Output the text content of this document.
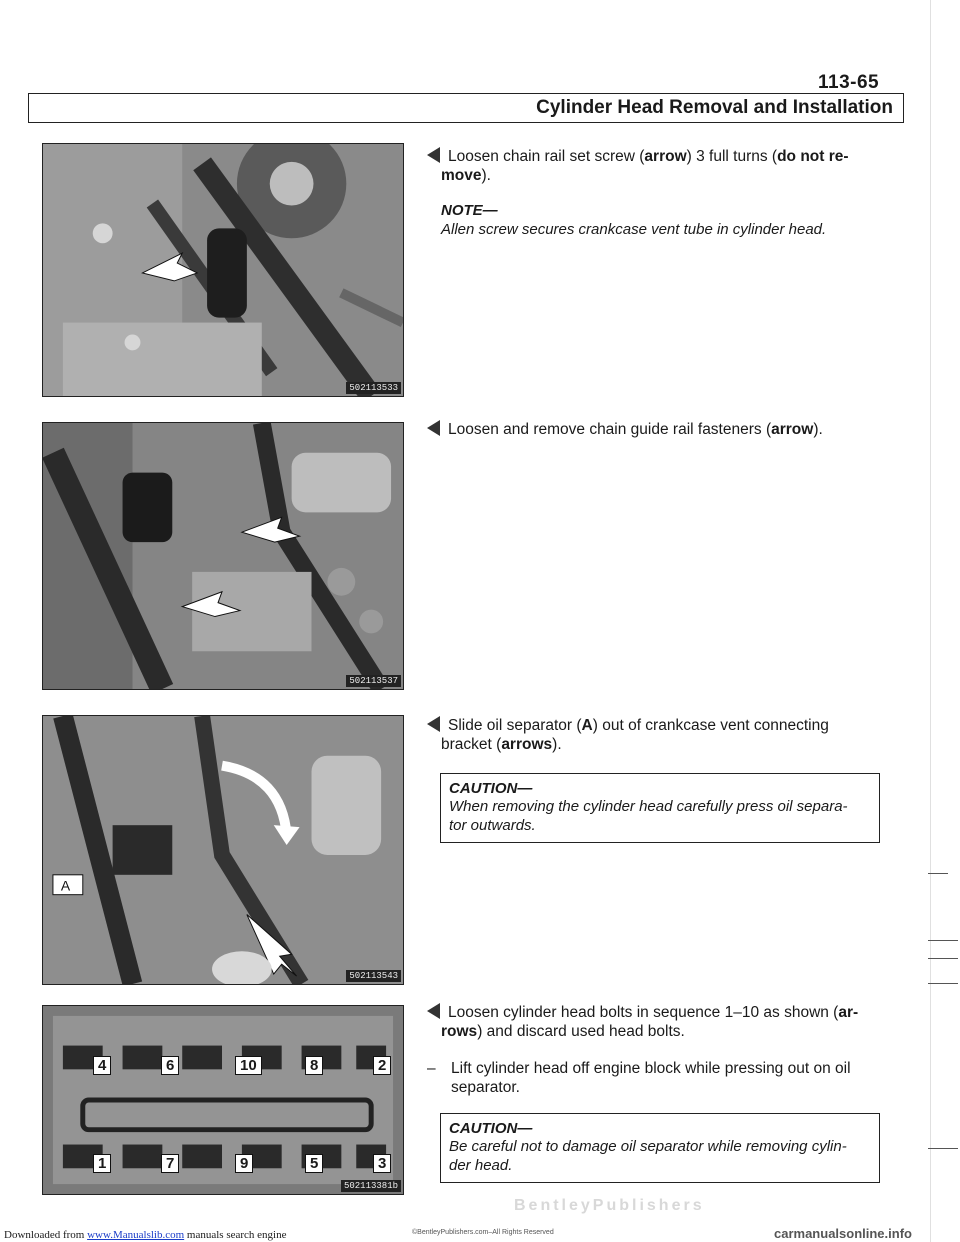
113-65
Cylinder Head Removal and Installation
502113533
502113537
A
502113543
4	6	10	8	2
1	7	9	5	3
502113381b
Loosen chain rail set screw (arrow) 3 full turns (do not re-
move).
NOTE—
Allen screw secures crankcase vent tube in cylinder head.
Loosen and remove chain guide rail fasteners (arrow).
Slide oil separator (A) out of crankcase vent connecting
bracket (arrows).
CAUTION—
When removing the cylinder head carefully press oil separa-
tor outwards.
Loosen cylinder head bolts in sequence 1–10 as shown (ar-
rows) and discard used head bolts.
– Lift cylinder head off engine block while pressing out on oil
separator.
CAUTION—
Be careful not to damage oil separator while removing cylin-
der head.
BentleyPublishers
Downloaded from www.Manualslib.com manuals search engine	©BentleyPublishers.com–All Rights Reserved	carmanualsonline.info
